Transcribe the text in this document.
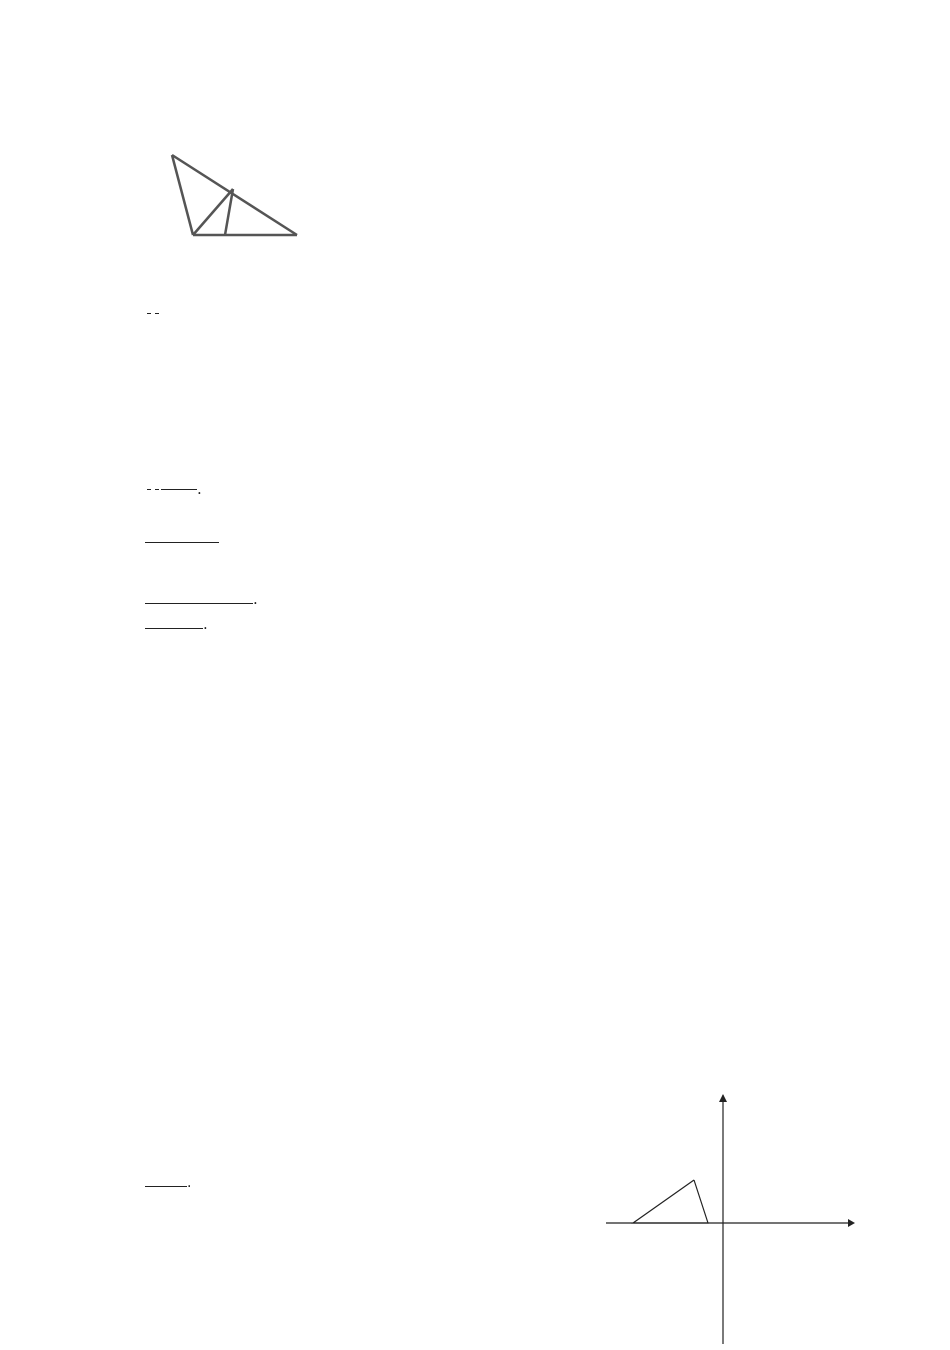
.
.
.
.
